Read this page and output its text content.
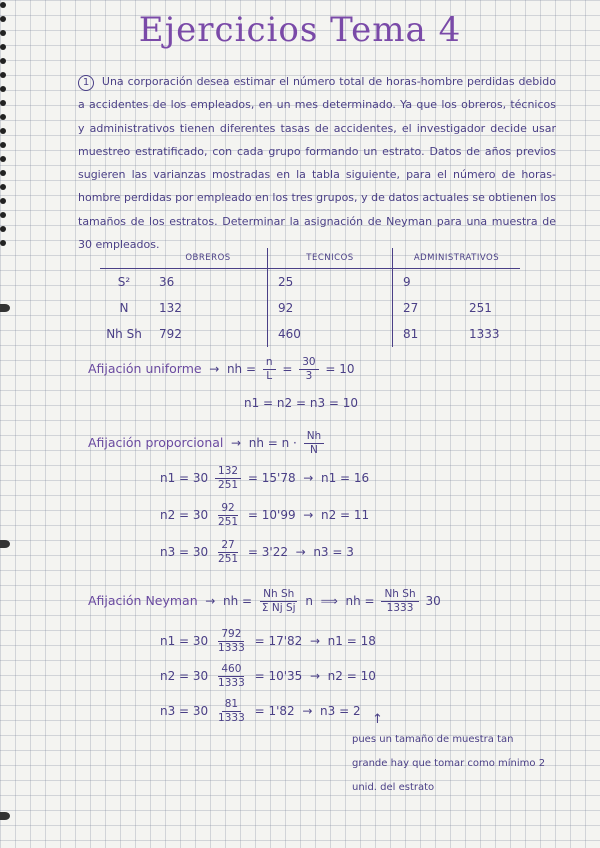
Ejercicios Tema 4
1 Una corporación desea estimar el número total de horas-hombre perdidas debido a accidentes de los empleados, en un mes determinado. Ya que los obreros, técnicos y administrativos tienen diferentes tasas de accidentes, el investigador decide usar muestreo estratificado, con cada grupo formando un estrato. Datos de años previos sugieren las varianzas mostradas en la tabla siguiente, para el número de horas-hombre perdidas por empleado en los tres grupos, y de datos actuales se obtienen los tamaños de los estratos. Determinar la asignación de Neyman para una muestra de 30 empleados.
	OBREROS	TECNICOS	ADMINISTRATIVOS	
S²	36	25	9	
N	132	92	27	251
Nh Sh	792	460	81	1333
Afijación uniforme → nh = $\frac{n}{L} = \frac{30}{3} = 10$
n1 = n2 = n3 = 10
Afijación proporcional → nh = $n \cdot \frac{Nh}{N}$
$n1 = 30 \frac{132}{251} = 15'78 \to n1 = 16$
$n2 = 30 \frac{92}{251} = 10'99 \to n2 = 11$
$n3 = 30 \frac{27}{251} = 3'22 \to n3 = 3$
Afijación Neyman → nh = $\frac{\text{Nh Sh}}{\text{Σ Nj Sj}}$ n ⟹ nh = $\frac{\text{Nh Sh}}{1333} 30$
$n1 = 30 \frac{792}{1333} = 17'82 \to n1 = 18$
$n2 = 30 \frac{460}{1333} = 10'35 \to n2 = 10$
$n3 = 30 \frac{81}{1333} = 1'82 \to n3 = 2$
↑
pues un tamaño de muestra tan grande hay que tomar como mínimo 2 unid. del estrato
